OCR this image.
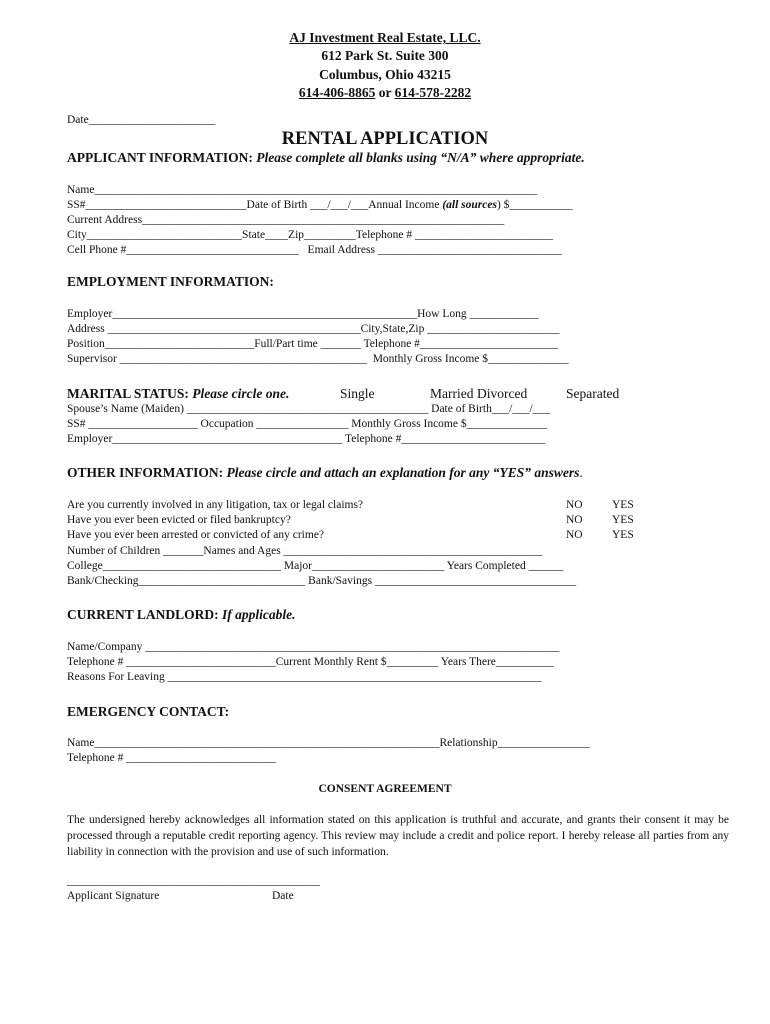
AJ Investment Real Estate, LLC.
612 Park St. Suite 300
Columbus, Ohio 43215
614-406-8865 or 614-578-2282
Date______________________
RENTAL APPLICATION
APPLICANT INFORMATION: Please complete all blanks using “N/A” where appropriate.
Name_____________________________________________________________________________
SS#____________________________Date of Birth ___/___/___Annual Income (all sources) $___________
Current Address_______________________________________________________________
City___________________________State____Zip_________Telephone # ________________________
Cell Phone #______________________________   Email Address ________________________________
EMPLOYMENT INFORMATION:
Employer_____________________________________________________How Long ____________
Address ____________________________________________City,State,Zip _______________________
Position__________________________Full/Part time _______ Telephone #________________________
Supervisor ___________________________________________  Monthly Gross Income $______________
MARITAL STATUS: Please circle one.	Single	Married Divorced	Separated
Spouse’s Name (Maiden) __________________________________________ Date of Birth___/___/___
SS# ___________________ Occupation ________________ Monthly Gross Income $______________
Employer________________________________________ Telephone #_________________________
OTHER INFORMATION: Please circle and attach an explanation for any “YES” answers.
Are you currently involved in any litigation, tax or legal claims?	NO	YES
Have you ever been evicted or filed bankruptcy?	NO	YES
Have you ever been arrested or convicted of any crime?	NO	YES
Number of Children _______Names and Ages _____________________________________________
College_______________________________ Major_______________________ Years Completed ______
Bank/Checking_____________________________ Bank/Savings ___________________________________
CURRENT LANDLORD: If applicable.
Name/Company ________________________________________________________________________
Telephone # __________________________Current Monthly Rent $_________ Years There__________
Reasons For Leaving _________________________________________________________________
EMERGENCY CONTACT:
Name____________________________________________________________Relationship________________
Telephone # __________________________
CONSENT AGREEMENT
The undersigned hereby acknowledges all information stated on this application is truthful and accurate, and grants their consent it may be processed through a reputable credit reporting agency. This review may include a credit and police report. I hereby release all parties from any liability in connection with the provision and use of such information.
____________________________________________
Applicant Signature	Date
